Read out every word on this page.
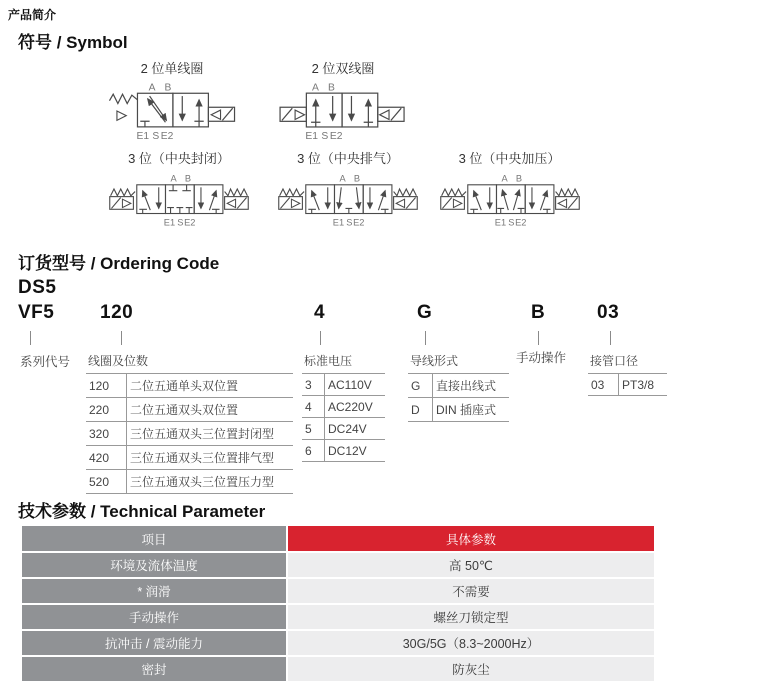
产品简介
符号 / Symbol
2 位单线圈
A B
E1 S E2
2 位双线圈
A B
E1 S E2
3 位（中央封闭）
A B
E1 S E2
3 位（中央排气）
A B
E1 S E2
3 位（中央加压）
A B
E1 S E2
订货型号 / Ordering Code
DS5
VF5 120	4	G	B	03
系列代号 线圈及位数
120	二位五通单头双位置
220	二位五通双头双位置
320	三位五通双头三位置封闭型
420	三位五通双头三位置排气型
520	三位五通双头三位置压力型
标准电压
3	AC110V
4	AC220V
5	DC24V
6	DC12V
导线形式
G	直接出线式
D	DIN 插座式
手动操作 接管口径
03	PT3/8
技术参数 / Technical Parameter
项目	具体参数
环境及流体温度	高 50℃
* 润滑	不需要
手动操作	螺丝刀锁定型
抗冲击 / 震动能力	30G/5G（8.3~2000Hz）
密封	防灰尘
